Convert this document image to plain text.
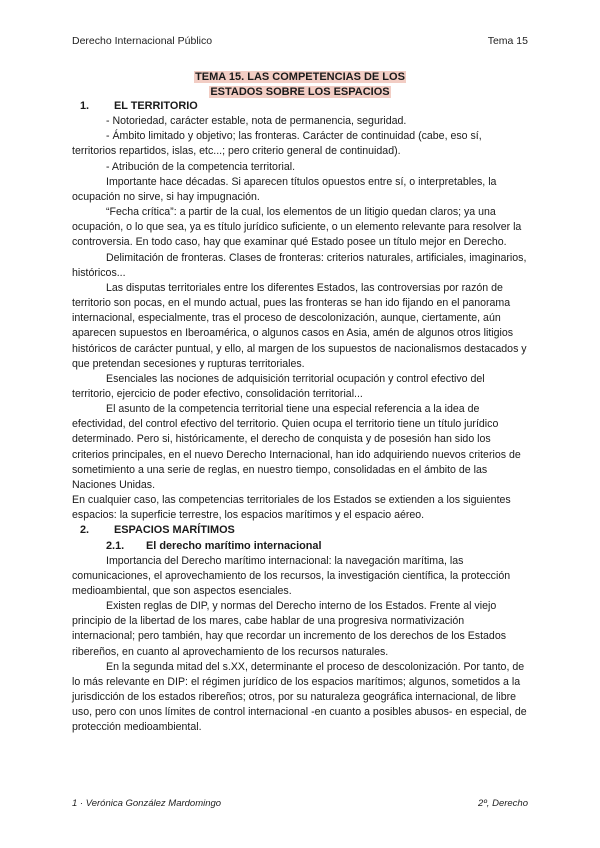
Derecho Internacional Público	Tema 15
TEMA 15. LAS COMPETENCIAS DE LOS
ESTADOS SOBRE LOS ESPACIOS
1. EL TERRITORIO

- Notoriedad, carácter estable, nota de permanencia, seguridad.

- Ámbito limitado y objetivo; las fronteras. Carácter de continuidad (cabe, eso sí, territorios repartidos, islas, etc...; pero criterio general de continuidad).

- Atribución de la competencia territorial.

Importante hace décadas. Si aparecen títulos opuestos entre sí, o interpretables, la ocupación no sirve, si hay impugnación.

“Fecha crítica”: a partir de la cual, los elementos de un litigio quedan claros; ya una ocupación, o lo que sea, ya es título jurídico suficiente, o un elemento relevante para resolver la controversia. En todo caso, hay que examinar qué Estado posee un título mejor en Derecho.

Delimitación de fronteras. Clases de fronteras: criterios naturales, artificiales, imaginarios, históricos...

Las disputas territoriales entre los diferentes Estados, las controversias por razón de territorio son pocas, en el mundo actual, pues las fronteras se han ido fijando en el panorama internacional, especialmente, tras el proceso de descolonización, aunque, ciertamente, aún aparecen supuestos en Iberoamérica, o algunos casos en Asia, amén de algunos otros litigios históricos de carácter puntual, y ello, al margen de los supuestos de nacionalismos destacados y que pretendan secesiones y rupturas territoriales.

Esenciales las nociones de adquisición territorial ocupación y control efectivo del territorio, ejercicio de poder efectivo, consolidación territorial...

El asunto de la competencia territorial tiene una especial referencia a la idea de efectividad, del control efectivo del territorio. Quien ocupa el territorio tiene un título jurídico determinado. Pero si, históricamente, el derecho de conquista y de posesión han sido los criterios principales, en el nuevo Derecho Internacional, han ido adquiriendo nuevos criterios de sometimiento a una serie de reglas, en nuestro tiempo, consolidadas en el ámbito de las Naciones Unidas.

En cualquier caso, las competencias territoriales de los Estados se extienden a los siguientes espacios: la superficie terrestre, los espacios marítimos y el espacio aéreo.

2. ESPACIOS MARÍTIMOS
2.1. El derecho marítimo internacional

Importancia del Derecho marítimo internacional: la navegación marítima, las comunicaciones, el aprovechamiento de los recursos, la investigación científica, la protección medioambiental, que son aspectos esenciales.

Existen reglas de DIP, y normas del Derecho interno de los Estados. Frente al viejo principio de la libertad de los mares, cabe hablar de una progresiva normativización internacional; pero también, hay que recordar un incremento de los derechos de los Estados ribereños, en cuanto al aprovechamiento de los recursos naturales.

En la segunda mitad del s.XX, determinante el proceso de descolonización. Por tanto, de lo más relevante en DIP: el régimen jurídico de los espacios marítimos; algunos, sometidos a la jurisdicción de los estados ribereños; otros, por su naturaleza geográfica internacional, de libre uso, pero con unos límites de control internacional -en cuanto a posibles abusos- en especial, de protección medioambiental.

1 · Verónica González Mardomingo	2º, Derecho
